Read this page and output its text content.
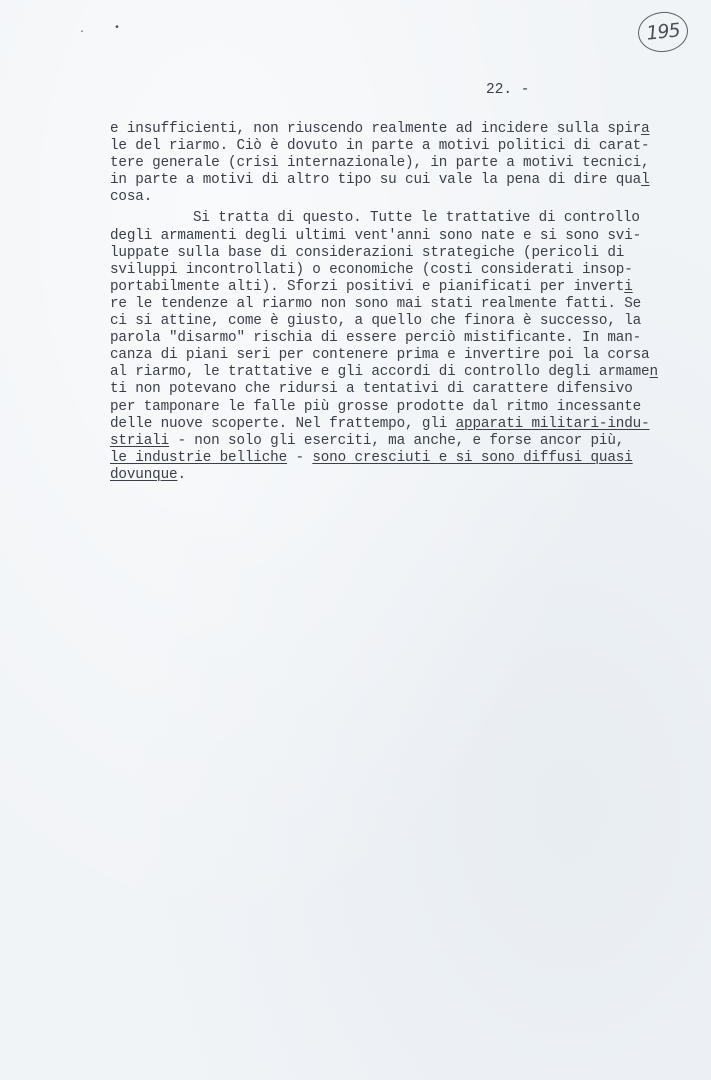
.	•	195
22. -
e insufficienti, non riuscendo realmente ad incidere sulla spira
le del riarmo. Ciò è dovuto in parte a motivi politici di carat-
tere generale (crisi internazionale), in parte a motivi tecnici,
in parte a motivi di altro tipo su cui vale la pena di dire qual
cosa.
Si tratta di questo. Tutte le trattative di controllo
degli armamenti degli ultimi vent'anni sono nate e si sono svi-
luppate sulla base di considerazioni strategiche (pericoli di
sviluppi incontrollati) o economiche (costi considerati insop-
portabilmente alti). Sforzi positivi e pianificati per inverti
re le tendenze al riarmo non sono mai stati realmente fatti. Se
ci si attine, come è giusto, a quello che finora è successo, la
parola "disarmo" rischia di essere perciò mistificante. In man-
canza di piani seri per contenere prima e invertire poi la corsa
al riarmo, le trattative e gli accordi di controllo degli armamen
ti non potevano che ridursi a tentativi di carattere difensivo
per tamponare le falle più grosse prodotte dal ritmo incessante
delle nuove scoperte. Nel frattempo, gli apparati militari-indu-
striali - non solo gli eserciti, ma anche, e forse ancor più,
le industrie belliche - sono cresciuti e si sono diffusi quasi
dovunque.
